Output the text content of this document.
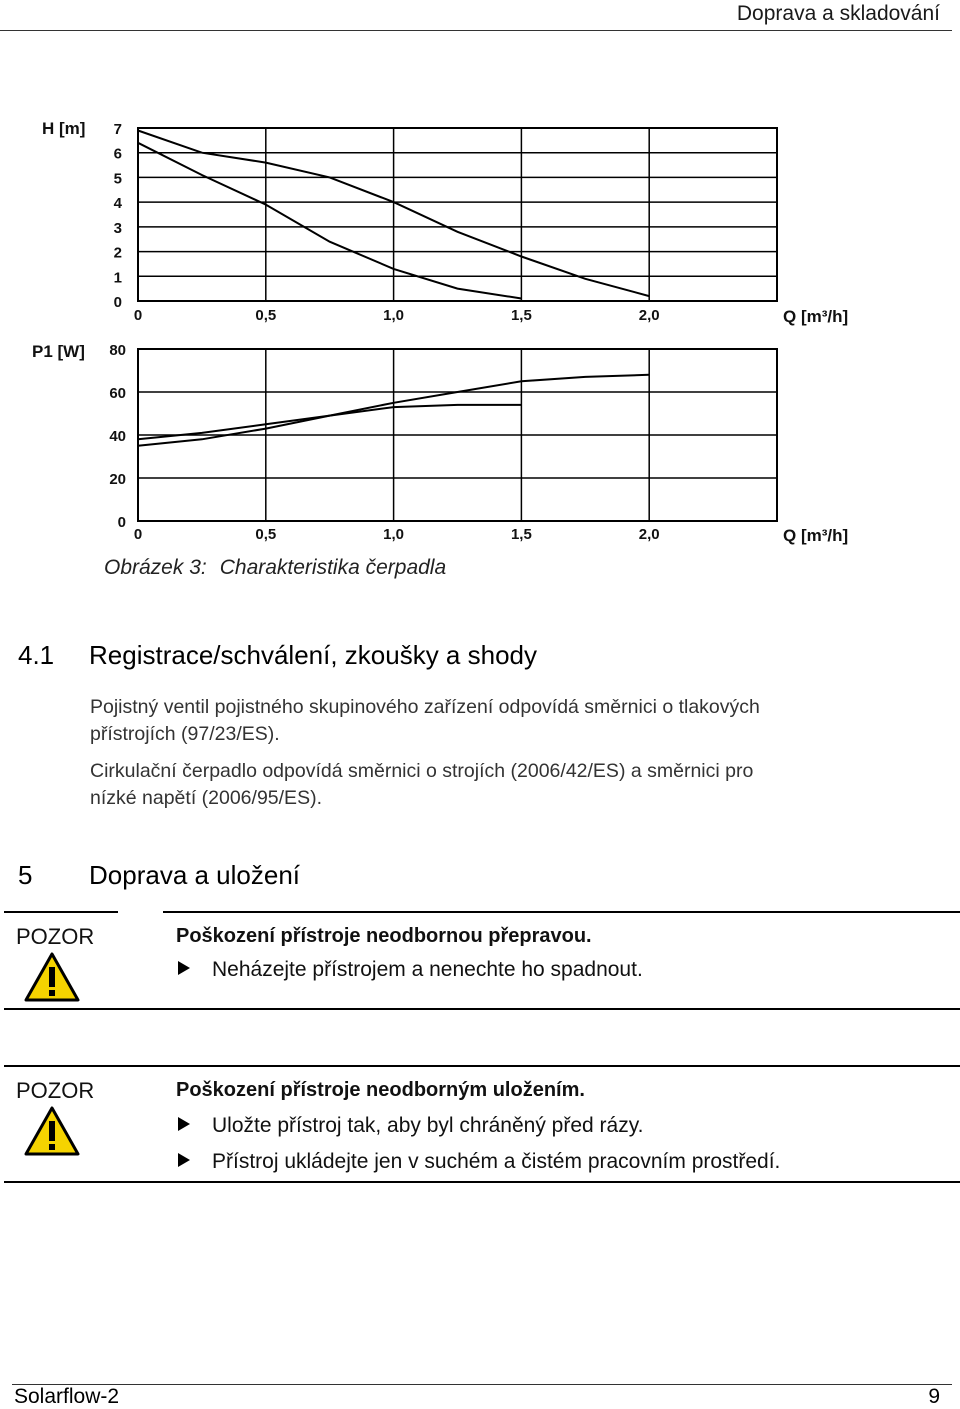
Doprava a skladování
0
1
2
3
4
5
6
7
0	0,5	1,0	1,5	2,0
H [m]
Q [m³/h]
0
20
40
60
80
0	0,5	1,0	1,5	2,0
P1 [W]
Q [m³/h]
Obrázek 3: Charakteristika čerpadla
4.1 Registrace/schválení, zkoušky a shody
Pojistný ventil pojistného skupinového zařízení odpovídá směrnici o tlakových
přístrojích (97/23/ES).
Cirkulační čerpadlo odpovídá směrnici o strojích (2006/42/ES) a směrnici pro
nízké napětí (2006/95/ES).
5 Doprava a uložení
POZOR	Poškození přístroje neodbornou přepravou.
Neházejte přístrojem a nenechte ho spadnout.
POZOR	Poškození přístroje neodborným uložením.
Uložte přístroj tak, aby byl chráněný před rázy.
Přístroj ukládejte jen v suchém a čistém pracovním prostředí.
Solarflow-2	9
